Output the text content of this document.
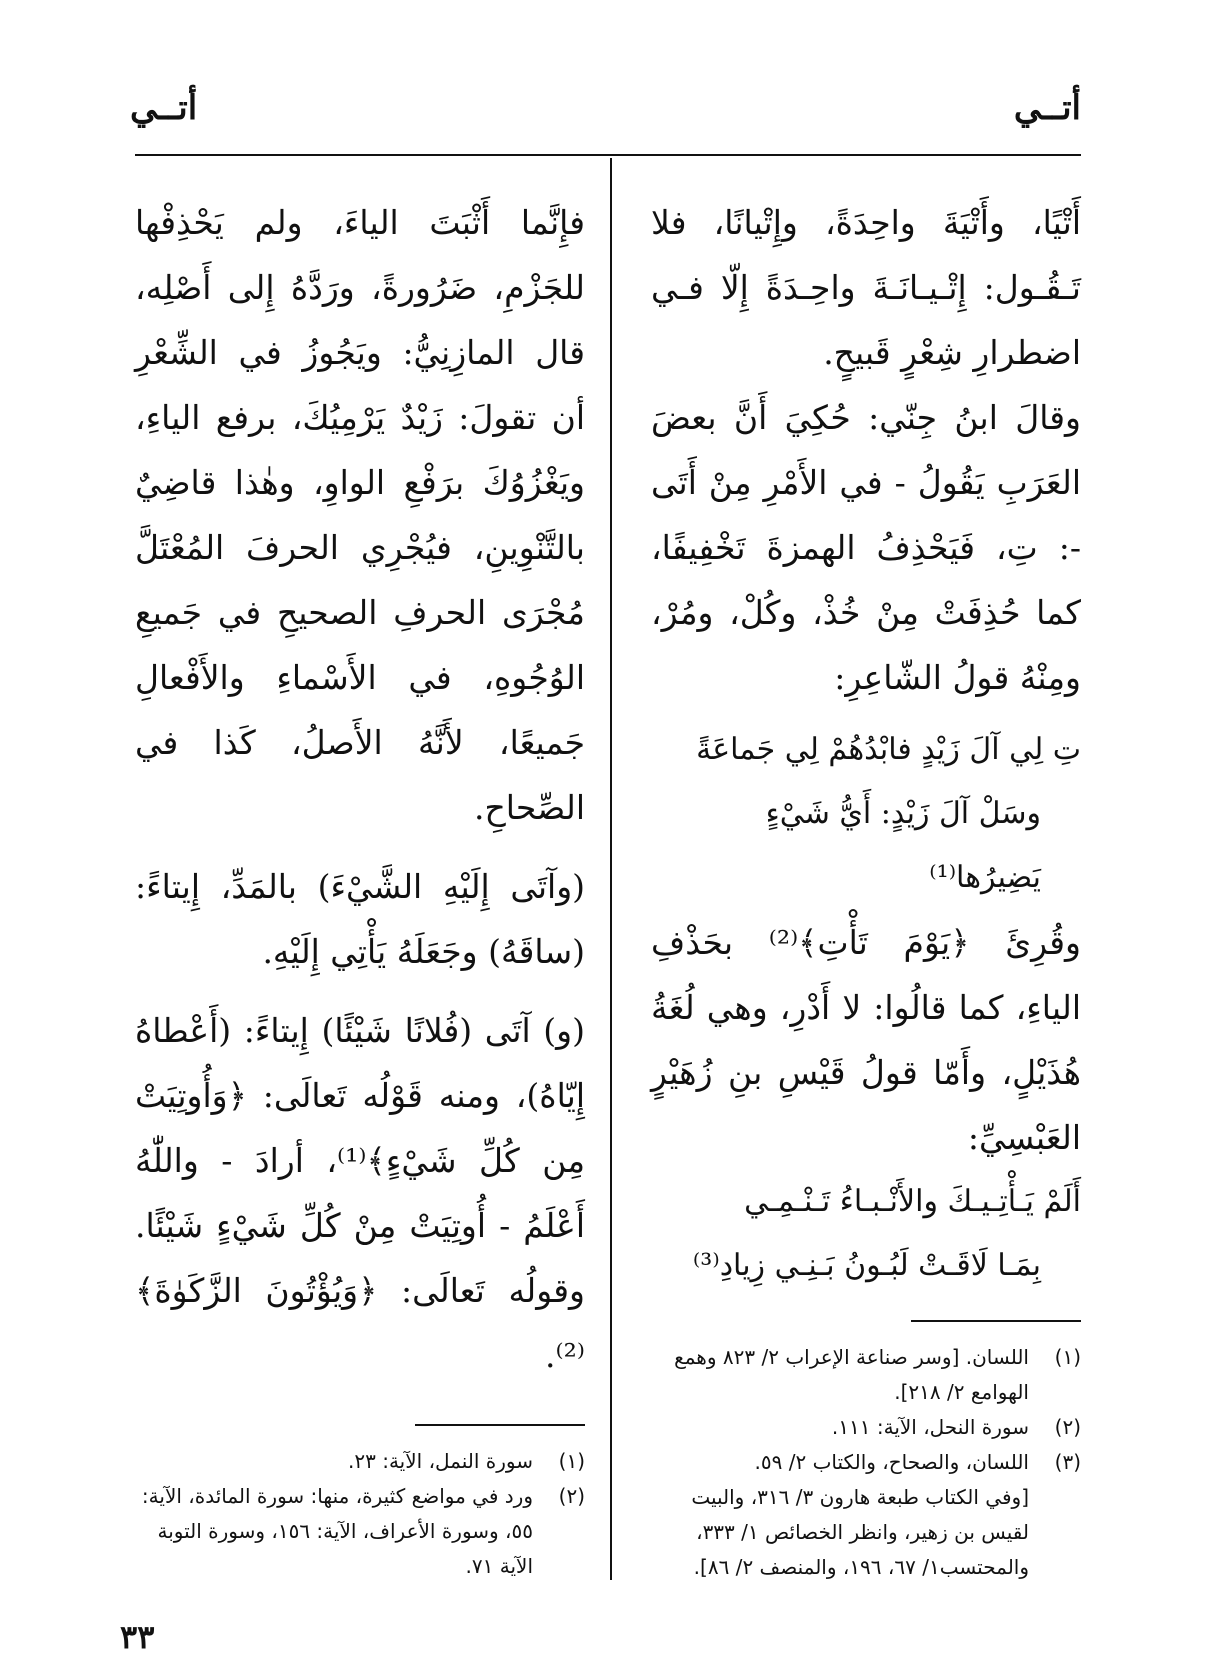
أتــي
أتــي

أَتْيًا، وأَتْيَةَ واحِدَةً، وإِتْيانًا، فلا تَـقُـول: إِتْـيـانَـةَ واحِـدَةً إِلّا فـي اضطرارِ شِعْرٍ قَبيحٍ.

وقالَ ابنُ جِنّي: حُكِيَ أَنَّ بعضَ العَرَبِ يَقُولُ - في الأَمْرِ مِنْ أَتَى -: تِ، فَيَحْذِفُ الهمزةَ تَخْفِيفًا، كما حُذِفَتْ مِنْ خُذْ، وكُلْ، ومُرْ، ومِنْهُ قولُ الشّاعِرِ:

تِ لِي آلَ زَيْدٍ فابْدُهُمْ لِي جَماعَةً

وسَلْ آلَ زَيْدٍ: أَيُّ شَيْءٍ يَضِيرُها⁽¹⁾

وقُرِئَ ﴿يَوْمَ تَأْتِ﴾⁽²⁾ بحَذْفِ الياءِ، كما قالُوا: لا أَدْرِ، وهي لُغَةُ هُذَيْلٍ، وأَمّا قولُ قَيْسِ بنِ زُهَيْرٍ العَبْسِيِّ:

أَلَمْ يَـأْتِـيـكَ والأَنْـبـاءُ تَـنْـمِـي

بِمَـا لَاقَـتْ لَبُـونُ بَـنِـي زِيادِ⁽³⁾

(١)
اللسان. [وسر صناعة الإعراب ٢/ ٨٢٣ وهمع الهوامع ٢/ ٢١٨].

(٢)
سورة النحل، الآية: ١١١.

(٣)
اللسان، والصحاح، والكتاب ٢/ ٥٩.

[وفي الكتاب طبعة هارون ٣/ ٣١٦، والبيت لقيس بن زهير، وانظر الخصائص ١/ ٣٣٣، والمحتسب١/ ٦٧، ١٩٦، والمنصف ٢/ ٨٦].

فإِنَّما أَثْبَتَ الياءَ، ولم يَحْذِفْها للجَزْمِ، ضَرُورةً، ورَدَّهُ إِلى أَصْلِه، قال المازِنِيُّ: ويَجُوزُ في الشِّعْرِ أن تقولَ: زَيْدٌ يَرْمِيُكَ، برفع الياءِ، ويَغْزُوُكَ برَفْعِ الواوِ، وهٰذا قاضِيٌ بالتَّنْوِينِ، فيُجْرِي الحرفَ المُعْتَلَّ مُجْرَى الحرفِ الصحيحِ في جَميعِ الوُجُوهِ، في الأَسْماءِ والأَفْعالِ جَميعًا، لأَنَّهُ الأَصلُ، كَذا في الصِّحاحِ.

(وآتَى إِلَيْهِ الشَّيْءَ) بالمَدِّ، إِيتاءً: (ساقَهُ) وجَعَلَهُ يَأْتِي إِلَيْهِ.

(و) آتَى (فُلانًا شَيْئًا) إِيتاءً: (أَعْطاهُ إِيّاهُ)، ومنه قَوْلُه تَعالَى: ﴿وَأُوتِيَتْ مِن كُلِّ شَيْءٍ﴾⁽¹⁾، أرادَ - واللّٰهُ أَعْلَمُ - أُوتِيَتْ مِنْ كُلِّ شَيْءٍ شَيْئًا. وقولُه تَعالَى: ﴿وَيُؤْتُونَ الزَّكَوٰةَ﴾⁽²⁾.

(١)
سورة النمل، الآية: ٢٣.

(٢)
ورد في مواضع كثيرة، منها: سورة المائدة، الآية: ٥٥، وسورة الأعراف، الآية: ١٥٦، وسورة التوبة الآية ٧١.

٣٣
